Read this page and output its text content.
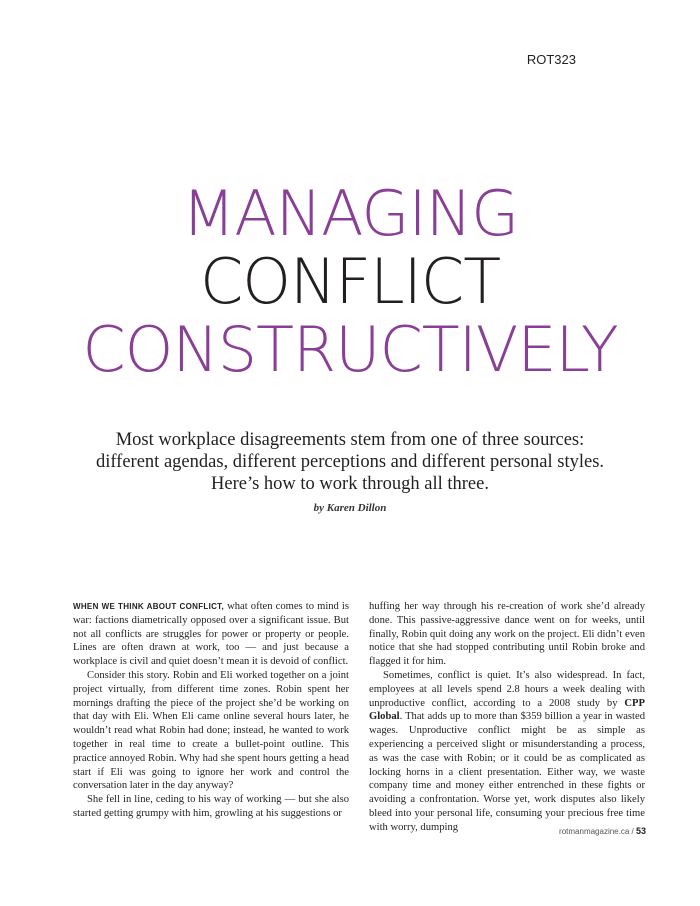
ROT323
MANAGING
CONFLICT
CONSTRUCTIVELY
Most workplace disagreements stem from one of three sources:
different agendas, different perceptions and different personal styles.
Here’s how to work through all three.
by Karen Dillon

WHEN WE THINK ABOUT CONFLICT, what often comes to mind is war: factions diametrically opposed over a significant issue. But not all conflicts are struggles for power or property or people. Lines are often drawn at work, too — and just because a workplace is civil and quiet doesn’t mean it is devoid of conflict.

Consider this story. Robin and Eli worked together on a joint project virtually, from different time zones. Robin spent her mornings drafting the piece of the project she’d be working on that day with Eli. When Eli came online several hours later, he wouldn’t read what Robin had done; instead, he wanted to work together in real time to create a bullet-point outline. This practice annoyed Robin. Why had she spent hours getting a head start if Eli was going to ignore her work and control the conversation later in the day anyway?

She fell in line, ceding to his way of working — but she also started getting grumpy with him, growling at his suggestions or

huffing her way through his re-creation of work she’d already done. This passive-aggressive dance went on for weeks, until finally, Robin quit doing any work on the project. Eli didn’t even notice that she had stopped contributing until Robin broke and flagged it for him.

Sometimes, conflict is quiet. It’s also widespread. In fact, employees at all levels spend 2.8 hours a week dealing with unproductive conflict, according to a 2008 study by CPP Global. That adds up to more than $359 billion a year in wasted wages. Unproductive conflict might be as simple as experiencing a perceived slight or misunderstanding a process, as was the case with Robin; or it could be as complicated as locking horns in a client presentation. Either way, we waste company time and money either entrenched in these fights or avoiding a confrontation. Worse yet, work disputes also likely bleed into your personal life, consuming your precious free time with worry, dumping	rotmanmagazine.ca / 53
